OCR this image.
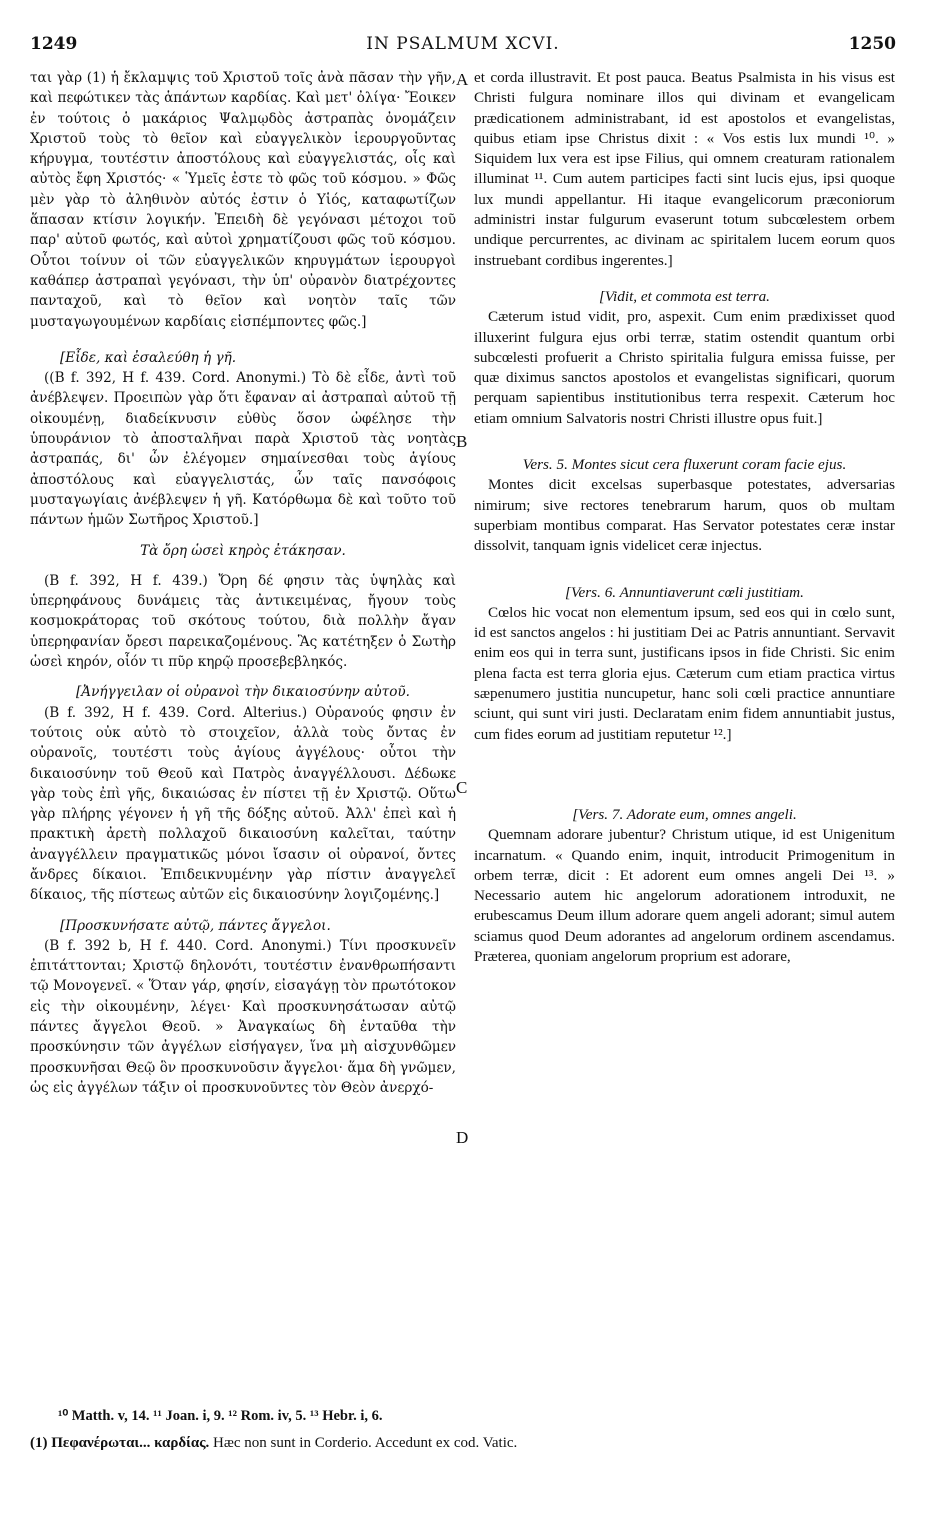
1249	IN PSALMUM XCVI.	1250
A
B
C
D

ται γὰρ (1) ἡ ἔκλαμψις τοῦ Χριστοῦ τοῖς ἀνὰ πᾶσαν τὴν γῆν, καὶ πεφώτικεν τὰς ἁπάντων καρδίας. Καὶ μετ' ὀλίγα· Ἔοικεν ἐν τούτοις ὁ μακάριος Ψαλμῳδὸς ἀστραπὰς ὀνομάζειν Χριστοῦ τοὺς τὸ θεῖον καὶ εὐαγγελικὸν ἱερουργοῦντας κήρυγμα, τουτέστιν ἀποστόλους καὶ εὐαγγελιστάς, οἷς καὶ αὐτὸς ἔφη Χριστός· « Ὑμεῖς ἐστε τὸ φῶς τοῦ κόσμου. » Φῶς μὲν γὰρ τὸ ἀληθινὸν αὐτός ἐστιν ὁ Υἱός, καταφωτίζων ἅπασαν κτίσιν λογικήν. Ἐπειδὴ δὲ γεγόνασι μέτοχοι τοῦ παρ' αὐτοῦ φωτός, καὶ αὐτοὶ χρηματίζουσι φῶς τοῦ κόσμου. Οὗτοι τοίνυν οἱ τῶν εὐαγγελικῶν κηρυγμάτων ἱερουργοὶ καθάπερ ἀστραπαὶ γεγόνασι, τὴν ὑπ' οὐρανὸν διατρέχοντες πανταχοῦ, καὶ τὸ θεῖον καὶ νοητὸν ταῖς τῶν μυσταγωγουμένων καρδίαις εἰσπέμποντες φῶς.]

[Εἶδε, καὶ ἐσαλεύθη ἡ γῆ.

((B f. 392, H f. 439. Cord. Anonymi.) Τὸ δὲ εἶδε, ἀντὶ τοῦ ἀνέβλεψεν. Προειπὼν γὰρ ὅτι ἔφαναν αἱ ἀστραπαὶ αὐτοῦ τῇ οἰκουμένῃ, διαδείκνυσιν εὐθὺς ὅσον ὠφέλησε τὴν ὑπουράνιον τὸ ἀποσταλῆναι παρὰ Χριστοῦ τὰς νοητὰς ἀστραπάς, δι' ὧν ἐλέγομεν σημαίνεσθαι τοὺς ἁγίους ἀποστόλους καὶ εὐαγγελιστάς, ὧν ταῖς πανσόφοις μυσταγωγίαις ἀνέβλεψεν ἡ γῆ. Κατόρθωμα δὲ καὶ τοῦτο τοῦ πάντων ἡμῶν Σωτῆρος Χριστοῦ.]

Τὰ ὄρη ὡσεὶ κηρὸς ἐτάκησαν.

(B f. 392, H f. 439.) Ὄρη δέ φησιν τὰς ὑψηλὰς καὶ ὑπερηφάνους δυνάμεις τὰς ἀντικειμένας, ἤγουν τοὺς κοσμοκράτορας τοῦ σκότους τούτου, διὰ πολλὴν ἄγαν ὑπερηφανίαν ὄρεσι παρεικαζομένους. Ἃς κατέτηξεν ὁ Σωτὴρ ὡσεὶ κηρόν, οἷόν τι πῦρ κηρῷ προσεβεβληκός.

[Ἀνήγγειλαν οἱ οὐρανοὶ τὴν δικαιοσύνην αὐτοῦ.

(B f. 392, H f. 439. Cord. Alterius.) Οὐρανούς φησιν ἐν τούτοις οὐκ αὐτὸ τὸ στοιχεῖον, ἀλλὰ τοὺς ὄντας ἐν οὐρανοῖς, τουτέστι τοὺς ἁγίους ἀγγέλους· οὗτοι τὴν δικαιοσύνην τοῦ Θεοῦ καὶ Πατρὸς ἀναγγέλλουσι. Δέδωκε γὰρ τοὺς ἐπὶ γῆς, δικαιώσας ἐν πίστει τῇ ἐν Χριστῷ. Οὕτω γὰρ πλήρης γέγονεν ἡ γῆ τῆς δόξης αὐτοῦ. Ἀλλ' ἐπεὶ καὶ ἡ πρακτικὴ ἀρετὴ πολλαχοῦ δικαιοσύνη καλεῖται, ταύτην ἀναγγέλλειν πραγματικῶς μόνοι ἴσασιν οἱ οὐρανοί, ὄντες ἄνδρες δίκαιοι. Ἐπιδεικνυμένην γὰρ πίστιν ἀναγγελεῖ δίκαιος, τῆς πίστεως αὐτῶν εἰς δικαιοσύνην λογιζομένης.]

[Προσκυνήσατε αὐτῷ, πάντες ἄγγελοι.

(B f. 392 b, H f. 440. Cord. Anonymi.) Τίνι προσκυνεῖν ἐπιτάττονται; Χριστῷ δηλονότι, τουτέστιν ἐνανθρωπήσαντι τῷ Μονογενεῖ. « Ὅταν γάρ, φησίν, εἰσαγάγῃ τὸν πρωτότοκον εἰς τὴν οἰκουμένην, λέγει· Καὶ προσκυνησάτωσαν αὐτῷ πάντες ἄγγελοι Θεοῦ. » Ἀναγκαίως δὴ ἐνταῦθα τὴν προσκύνησιν τῶν ἀγγέλων εἰσήγαγεν, ἵνα μὴ αἰσχυνθῶμεν προσκυνῆσαι Θεῷ ὃν προσκυνοῦσιν ἄγγελοι· ἅμα δὴ γνῶμεν, ὡς εἰς ἀγγέλων τάξιν οἱ προσκυνοῦντες τὸν Θεὸν ἀνερχό-

et corda illustravit. Et post pauca. Beatus Psalmista in his visus est Christi fulgura nominare illos qui divinam et evangelicam prædicationem administrabant, id est apostolos et evangelistas, quibus etiam ipse Christus dixit : « Vos estis lux mundi ¹⁰. » Siquidem lux vera est ipse Filius, qui omnem creaturam rationalem illuminat ¹¹. Cum autem participes facti sint lucis ejus, ipsi quoque lux mundi appellantur. Hi itaque evangelicorum præconiorum administri instar fulgurum evaserunt totum subcœlestem orbem undique percurrentes, ac divinam ac spiritalem lucem eorum quos instruebant cordibus ingerentes.]

[Vidit, et commota est terra.

Cæterum istud vidit, pro, aspexit. Cum enim prædixisset quod illuxerint fulgura ejus orbi terræ, statim ostendit quantum orbi subcœlesti profuerit a Christo spiritalia fulgura emissa fuisse, per quæ diximus sanctos apostolos et evangelistas significari, quorum perquam sapientibus institutionibus terra respexit. Cæterum hoc etiam omnium Salvatoris nostri Christi illustre opus fuit.]

Vers. 5. Montes sicut cera fluxerunt coram facie ejus.

Montes dicit excelsas superbasque potestates, adversarias nimirum; sive rectores tenebrarum harum, quos ob multam superbiam montibus comparat. Has Servator potestates ceræ instar dissolvit, tanquam ignis videlicet ceræ injectus.

[Vers. 6. Annuntiaverunt cœli justitiam.

Cœlos hic vocat non elementum ipsum, sed eos qui in cœlo sunt, id est sanctos angelos : hi justitiam Dei ac Patris annuntiant. Servavit enim eos qui in terra sunt, justificans ipsos in fide Christi. Sic enim plena facta est terra gloria ejus. Cæterum cum etiam practica virtus sæpenumero justitia nuncupetur, hanc soli cœli practice annuntiare sciunt, qui sunt viri justi. Declaratam enim fidem annuntiabit justus, cum fides eorum ad justitiam reputetur ¹².]

[Vers. 7. Adorate eum, omnes angeli.

Quemnam adorare jubentur? Christum utique, id est Unigenitum incarnatum. « Quando enim, inquit, introducit Primogenitum in orbem terræ, dicit : Et adorent eum omnes angeli Dei ¹³. » Necessario autem hic angelorum adorationem introduxit, ne erubescamus Deum illum adorare quem angeli adorant; simul autem sciamus quod Deum adorantes ad angelorum ordinem ascendamus. Præterea, quoniam angelorum proprium est adorare,

¹⁰ Matth. v, 14. ¹¹ Joan. i, 9. ¹² Rom. iv, 5. ¹³ Hebr. i, 6.

(1) Πεφανέρωται... καρδίας. Hæc non sunt in Corderio. Accedunt ex cod. Vatic.
